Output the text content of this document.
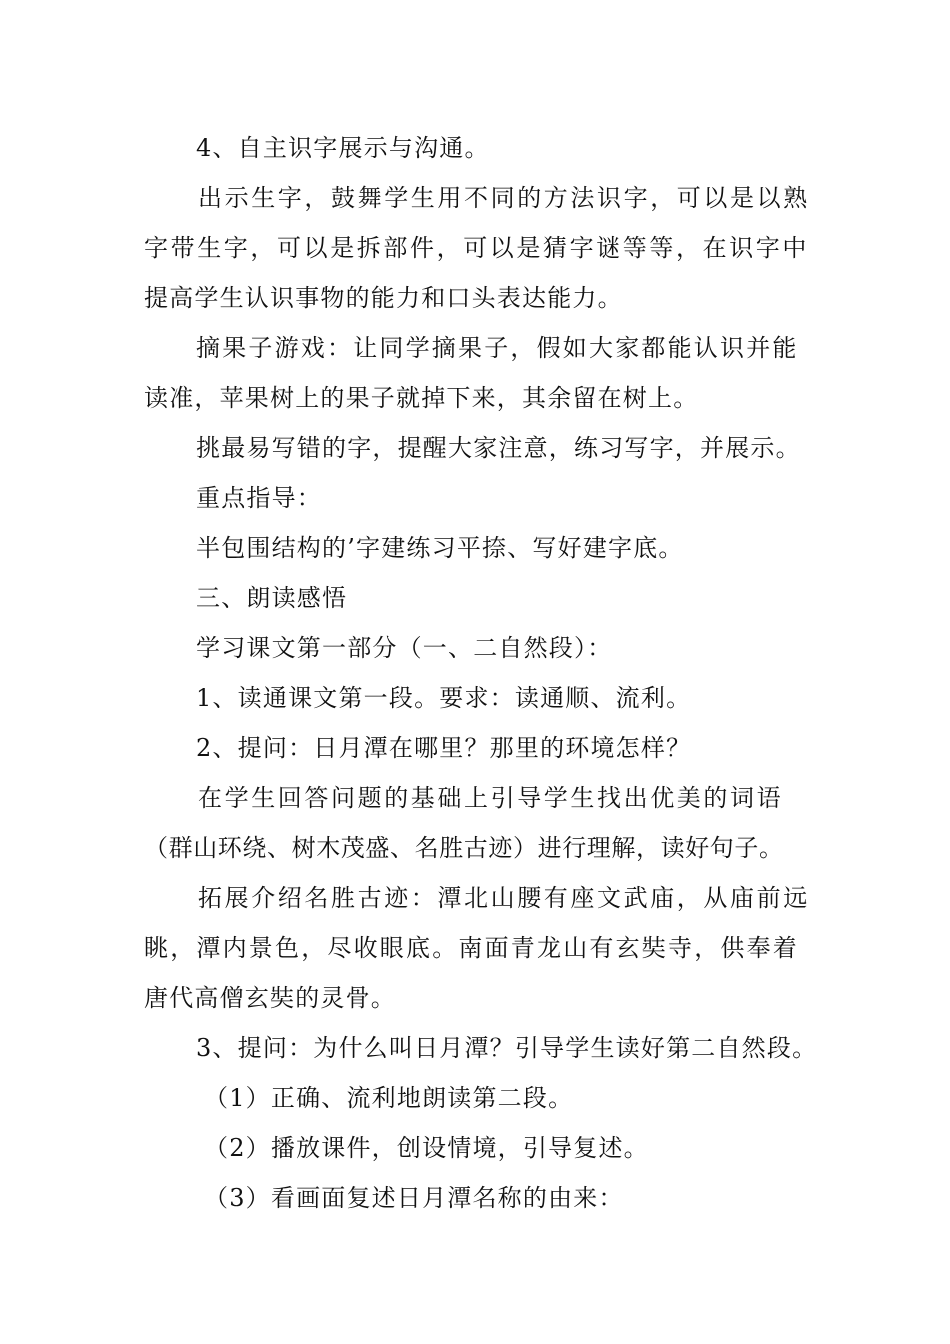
4、自主识字展示与沟通。
出示生字，鼓舞学生用不同的方法识字，可以是以熟
字带生字，可以是拆部件，可以是猜字谜等等，在识字中
提高学生认识事物的能力和口头表达能力。
摘果子游戏：让同学摘果子，假如大家都能认识并能
读准，苹果树上的果子就掉下来，其余留在树上。
挑最易写错的字，提醒大家注意，练习写字，并展示。
重点指导：
半包围结构的’字建练习平捺、写好建字底。
三、朗读感悟
学习课文第一部分（一、二自然段）：
1、读通课文第一段。要求：读通顺、流利。
2、提问：日月潭在哪里？那里的环境怎样？
在学生回答问题的基础上引导学生找出优美的词语
（群山环绕、树木茂盛、名胜古迹）进行理解，读好句子。
拓展介绍名胜古迹：潭北山腰有座文武庙，从庙前远
眺，潭内景色，尽收眼底。南面青龙山有玄奘寺，供奉着
唐代高僧玄奘的灵骨。
3、提问：为什么叫日月潭？引导学生读好第二自然段。
（1）正确、流利地朗读第二段。
（2）播放课件，创设情境，引导复述。
（3）看画面复述日月潭名称的由来：
